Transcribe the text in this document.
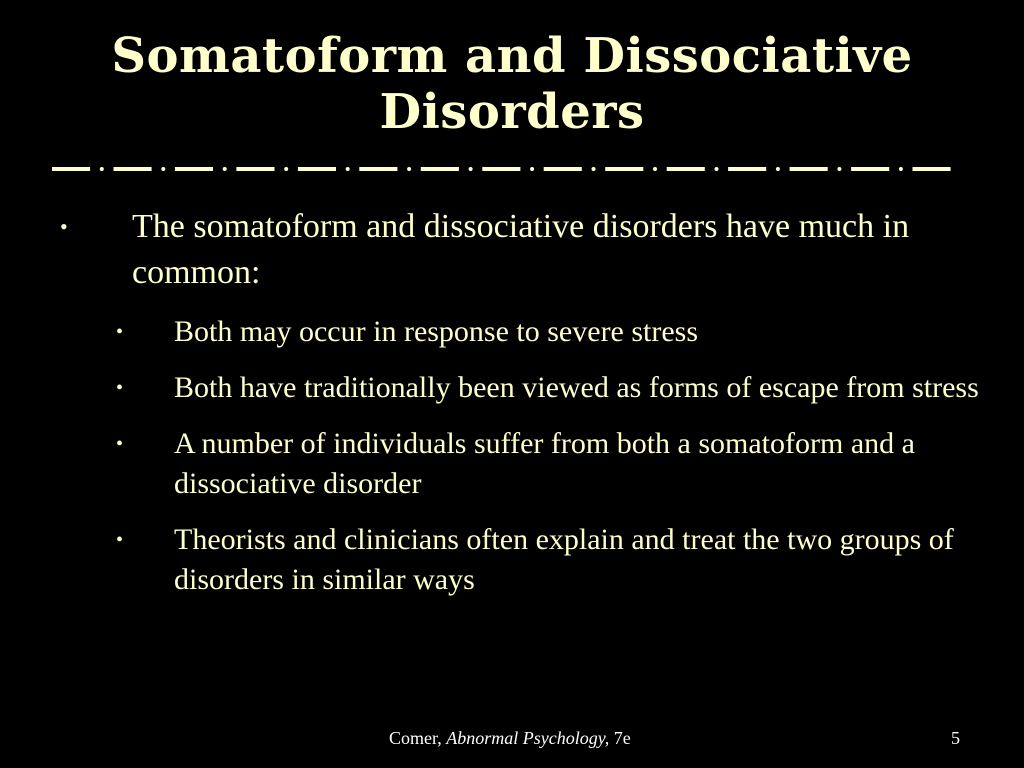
Somatoform and Dissociative Disorders
• The somatoform and dissociative disorders have much in common:
• Both may occur in response to severe stress
• Both have traditionally been viewed as forms of escape from stress
• A number of individuals suffer from both a somatoform and a dissociative disorder
• Theorists and clinicians often explain and treat the two groups of disorders in similar ways
Comer, Abnormal Psychology, 7e	5
